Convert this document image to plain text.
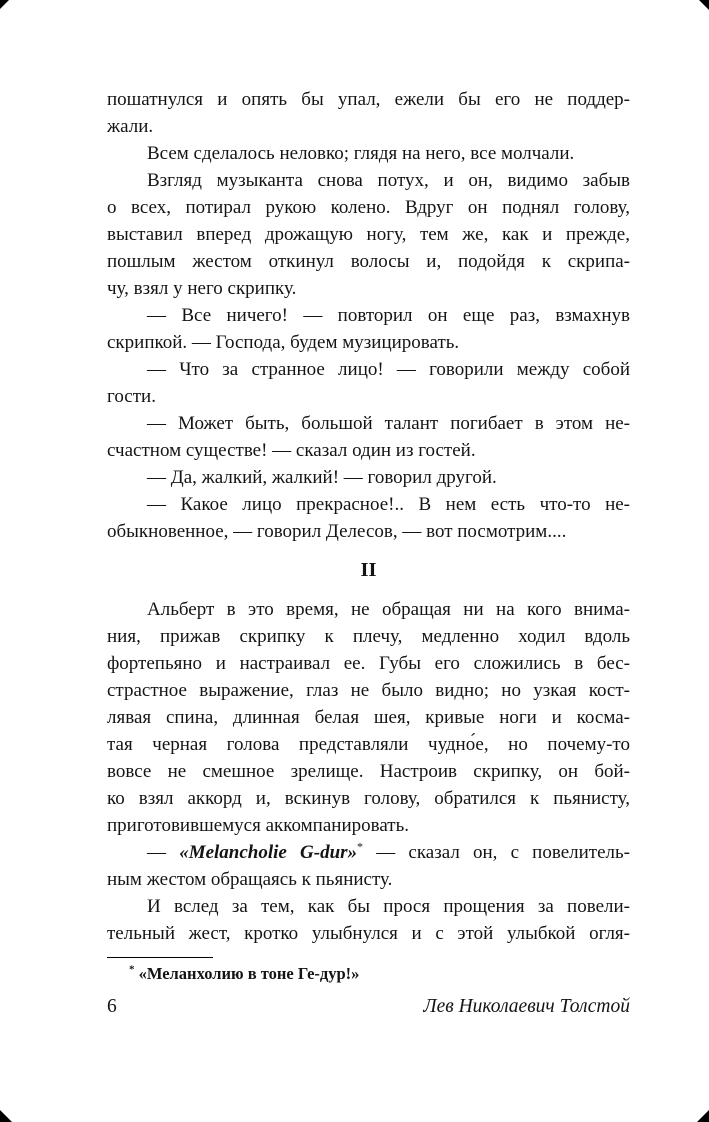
пошатнулся и опять бы упал, ежели бы его не поддер-
жали.
Всем сделалось неловко; глядя на него, все молчали.
Взгляд музыканта снова потух, и он, видимо забыв
о всех, потирал рукою колено. Вдруг он поднял голову,
выставил вперед дрожащую ногу, тем же, как и прежде,
пошлым жестом откинул волосы и, подойдя к скрипа-
чу, взял у него скрипку.
— Все ничего! — повторил он еще раз, взмахнув
скрипкой. — Господа, будем музицировать.
— Что за странное лицо! — говорили между собой
гости.
— Может быть, большой талант погибает в этом не-
счастном существе! — сказал один из гостей.
— Да, жалкий, жалкий! — говорил другой.
— Какое лицо прекрасное!.. В нем есть что-то не-
обыкновенное, — говорил Делесов, — вот посмотрим....
II
Альберт в это время, не обращая ни на кого внима-
ния, прижав скрипку к плечу, медленно ходил вдоль
фортепьяно и настраивал ее. Губы его сложились в бес-
страстное выражение, глаз не было видно; но узкая кост-
лявая спина, длинная белая шея, кривые ноги и косма-
тая черная голова представляли чудно́е, но почему-то
вовсе не смешное зрелище. Настроив скрипку, он бой-
ко взял аккорд и, вскинув голову, обратился к пьянисту,
приготовившемуся аккомпанировать.
— «Melancholie G-dur»* — сказал он, с повелитель-
ным жестом обращаясь к пьянисту.
И вслед за тем, как бы прося прощения за повели-
тельный жест, кротко улыбнулся и с этой улыбкой огля-
* «Меланхолию в тоне Ге-дур!»
6	Лев Николаевич Толстой
